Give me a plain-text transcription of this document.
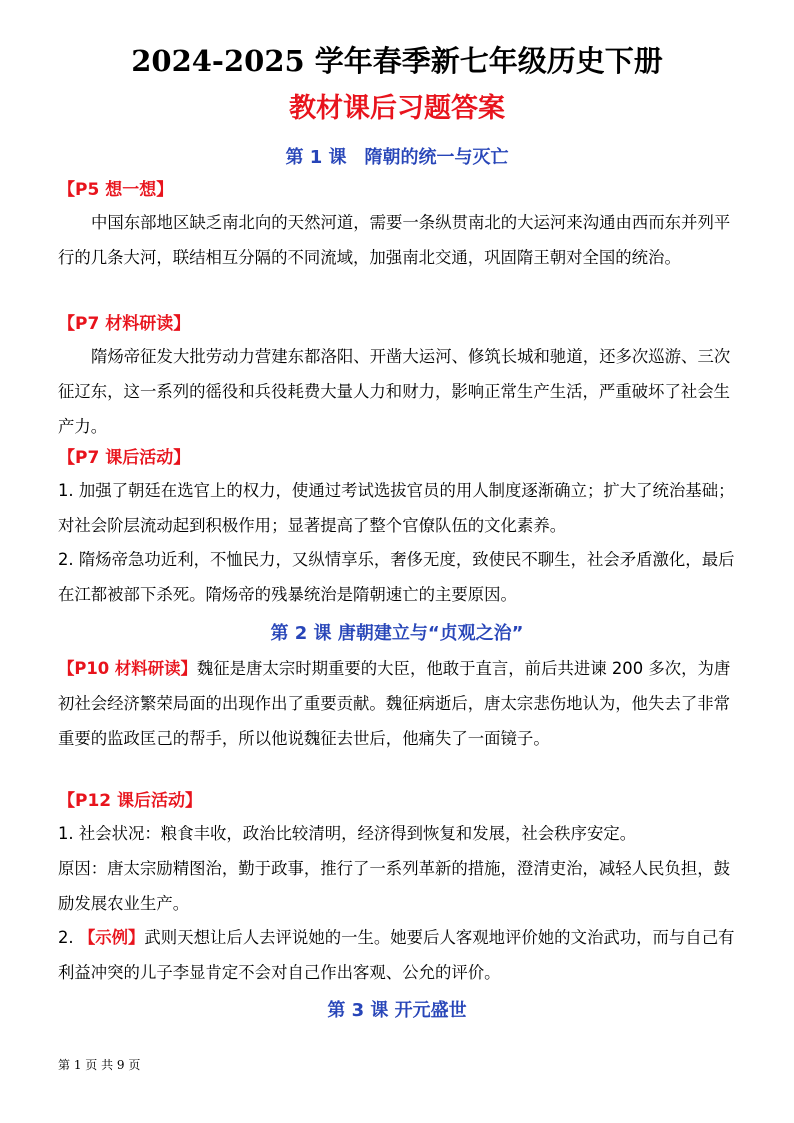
2024-2025 学年春季新七年级历史下册
教材课后习题答案
第 1 课　隋朝的统一与灭亡
【P5 想一想】
中国东部地区缺乏南北向的天然河道，需要一条纵贯南北的大运河来沟通由西而东并列平行的几条大河，联结相互分隔的不同流域，加强南北交通，巩固隋王朝对全国的统治。
【P7 材料研读】
隋炀帝征发大批劳动力营建东都洛阳、开凿大运河、修筑长城和驰道，还多次巡游、三次征辽东，这一系列的徭役和兵役耗费大量人力和财力，影响正常生产生活，严重破坏了社会生产力。
【P7 课后活动】
1. 加强了朝廷在选官上的权力，使通过考试选拔官员的用人制度逐渐确立；扩大了统治基础；对社会阶层流动起到积极作用；显著提高了整个官僚队伍的文化素养。
2. 隋炀帝急功近利，不恤民力，又纵情享乐，奢侈无度，致使民不聊生，社会矛盾激化，最后在江都被部下杀死。隋炀帝的残暴统治是隋朝速亡的主要原因。
第 2 课 唐朝建立与“贞观之治”
【P10 材料研读】魏征是唐太宗时期重要的大臣，他敢于直言，前后共进谏 200 多次，为唐初社会经济繁荣局面的出现作出了重要贡献。魏征病逝后，唐太宗悲伤地认为，他失去了非常重要的监政匡己的帮手，所以他说魏征去世后，他痛失了一面镜子。
【P12 课后活动】
1. 社会状况：粮食丰收，政治比较清明，经济得到恢复和发展，社会秩序安定。
原因：唐太宗励精图治，勤于政事，推行了一系列革新的措施，澄清吏治，减轻人民负担，鼓励发展农业生产。
2. 【示例】武则天想让后人去评说她的一生。她要后人客观地评价她的文治武功，而与自己有利益冲突的儿子李显肯定不会对自己作出客观、公允的评价。
第 3 课 开元盛世
第 1 页 共 9 页
